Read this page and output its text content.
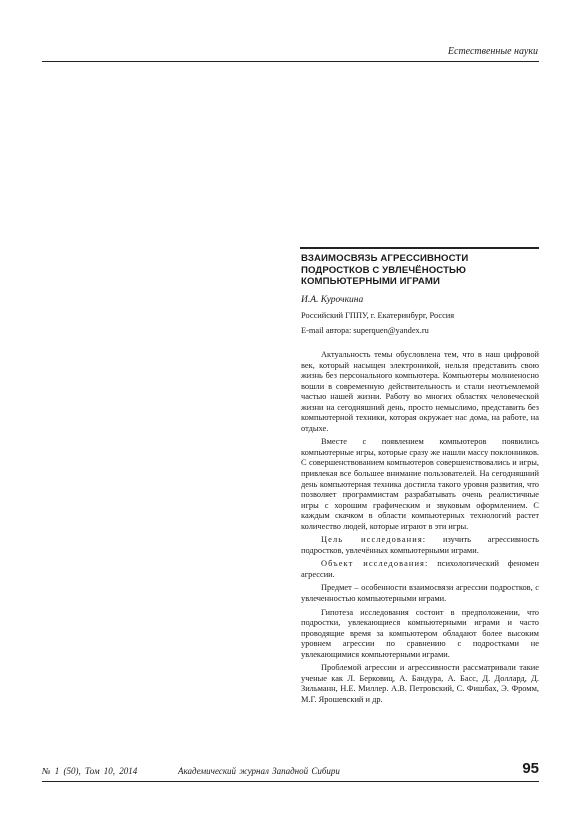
Естественные науки
ВЗАИМОСВЯЗЬ АГРЕССИВНОСТИ
ПОДРОСТКОВ С УВЛЕЧЁНОСТЬЮ
КОМПЬЮТЕРНЫМИ ИГРАМИ
И.А. Курочкина
Российский ГППУ, г. Екатеринбург, Россия
E-mail автора: superquen@yandex.ru

Актуальность темы обусловлена тем, что в наш цифровой век, который насыщен электроникой, нельзя представить свою жизнь без персонального компьютера. Компьютеры молниеносно вошли в современную действительность и стали неотъемлемой частью нашей жизни. Работу во многих областях человеческой жизни на сегодняшний день, просто немыслимо, представить без компьютерной техники, которая окружает нас дома, на работе, на отдыхе.

Вместе с появлением компьютеров появились компьютерные игры, которые сразу же нашли массу поклонников. С совершенствованием компьютеров совершенствовались и игры, привлекая все большее внимание пользователей. На сегодняшний день компьютерная техника достигла такого уровня развития, что позволяет программистам разрабатывать очень реалистичные игры с хорошим графическим и звуковым оформлением. С каждым скачком в области компьютерных технологий растет количество людей, которые играют в эти игры.

Цель исследования: изучить агрессивность подростков, увлечённых компьютерными играми.

Объект исследования: психологический феномен агрессии.

Предмет – особенности взаимосвязи агрессии подростков, с увлеченностью компьютерными играми.

Гипотеза исследования состоит в предположении, что подростки, увлекающиеся компьютерными играми и часто проводящие время за компьютером обладают более высоким уровнем агрессии по сравнению с подростками не увлекающимися компьютерными играми.

Проблемой агрессии и агрессивности рассматривали такие ученые как Л. Берковиц, А. Бандура, А. Басс, Д. Доллард, Д. Зильманн, Н.Е. Миллер. А.В. Петровский, С. Фишбах, Э. Фромм, М.Г. Ярошевский и др.

№ 1 (50), Том 10, 2014	Академический журнал Западной Сибири	95
